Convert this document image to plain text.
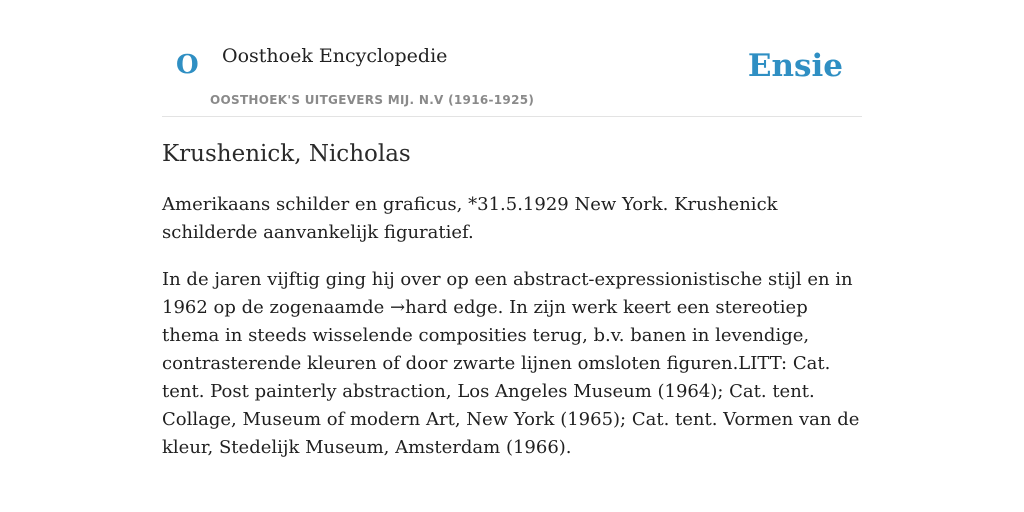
O Oosthoek Encyclopedie
OOSTHOEK'S UITGEVERS MIJ. N.V (1916-1925)
Ensie
Krushenick, Nicholas

Amerikaans schilder en graficus, *31.5.1929 New York. Krushenick schilderde aanvankelijk figuratief.

In de jaren vijftig ging hij over op een abstract-expressionistische stijl en in 1962 op de zogenaamde →hard edge. In zijn werk keert een stereotiep thema in steeds wisselende composities terug, b.v. banen in levendige, contrasterende kleuren of door zwarte lijnen omsloten figuren.LITT: Cat. tent. Post painterly abstraction, Los Angeles Museum (1964); Cat. tent. Collage, Museum of modern Art, New York (1965); Cat. tent. Vormen van de kleur, Stedelijk Museum, Amsterdam (1966).
